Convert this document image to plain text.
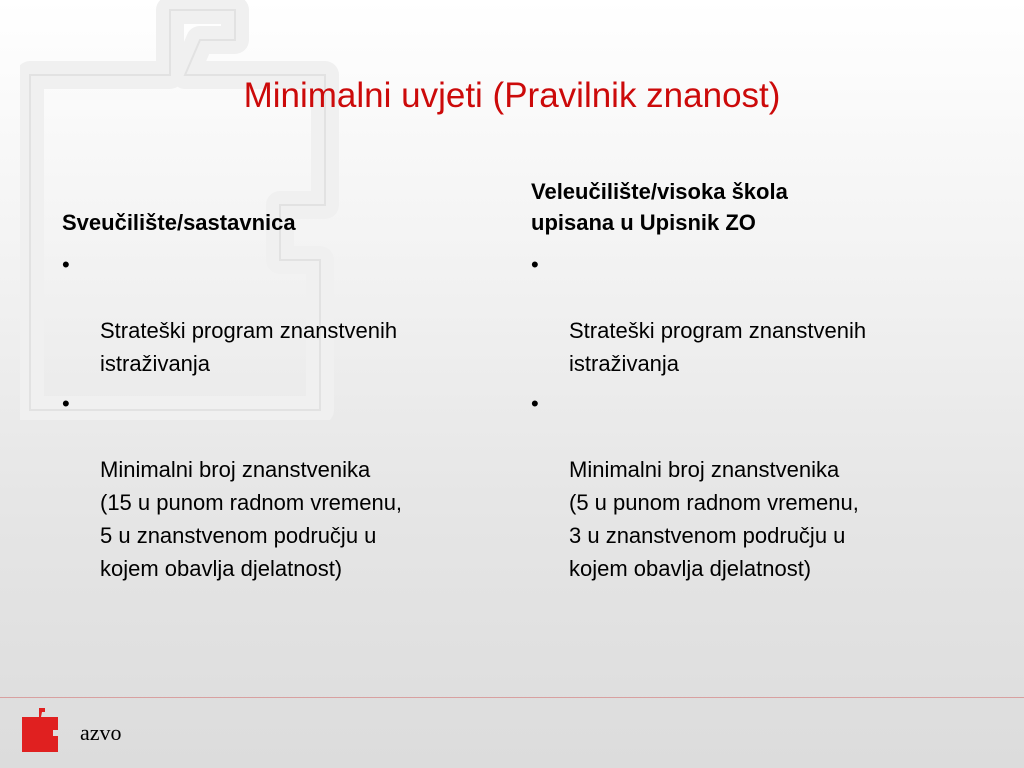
Minimalni uvjeti (Pravilnik znanost)
Sveučilište/sastavnica

•

Strateški program znanstvenih
istraživanja

•

Minimalni broj znanstvenika
(15 u punom radnom vremenu,
5 u znanstvenom području u
kojem obavlja djelatnost)

Veleučilište/visoka škola
upisana u Upisnik ZO

•

Strateški program znanstvenih
istraživanja

•

Minimalni broj znanstvenika
(5 u punom radnom vremenu,
3 u znanstvenom području u
kojem obavlja djelatnost)

azvo
